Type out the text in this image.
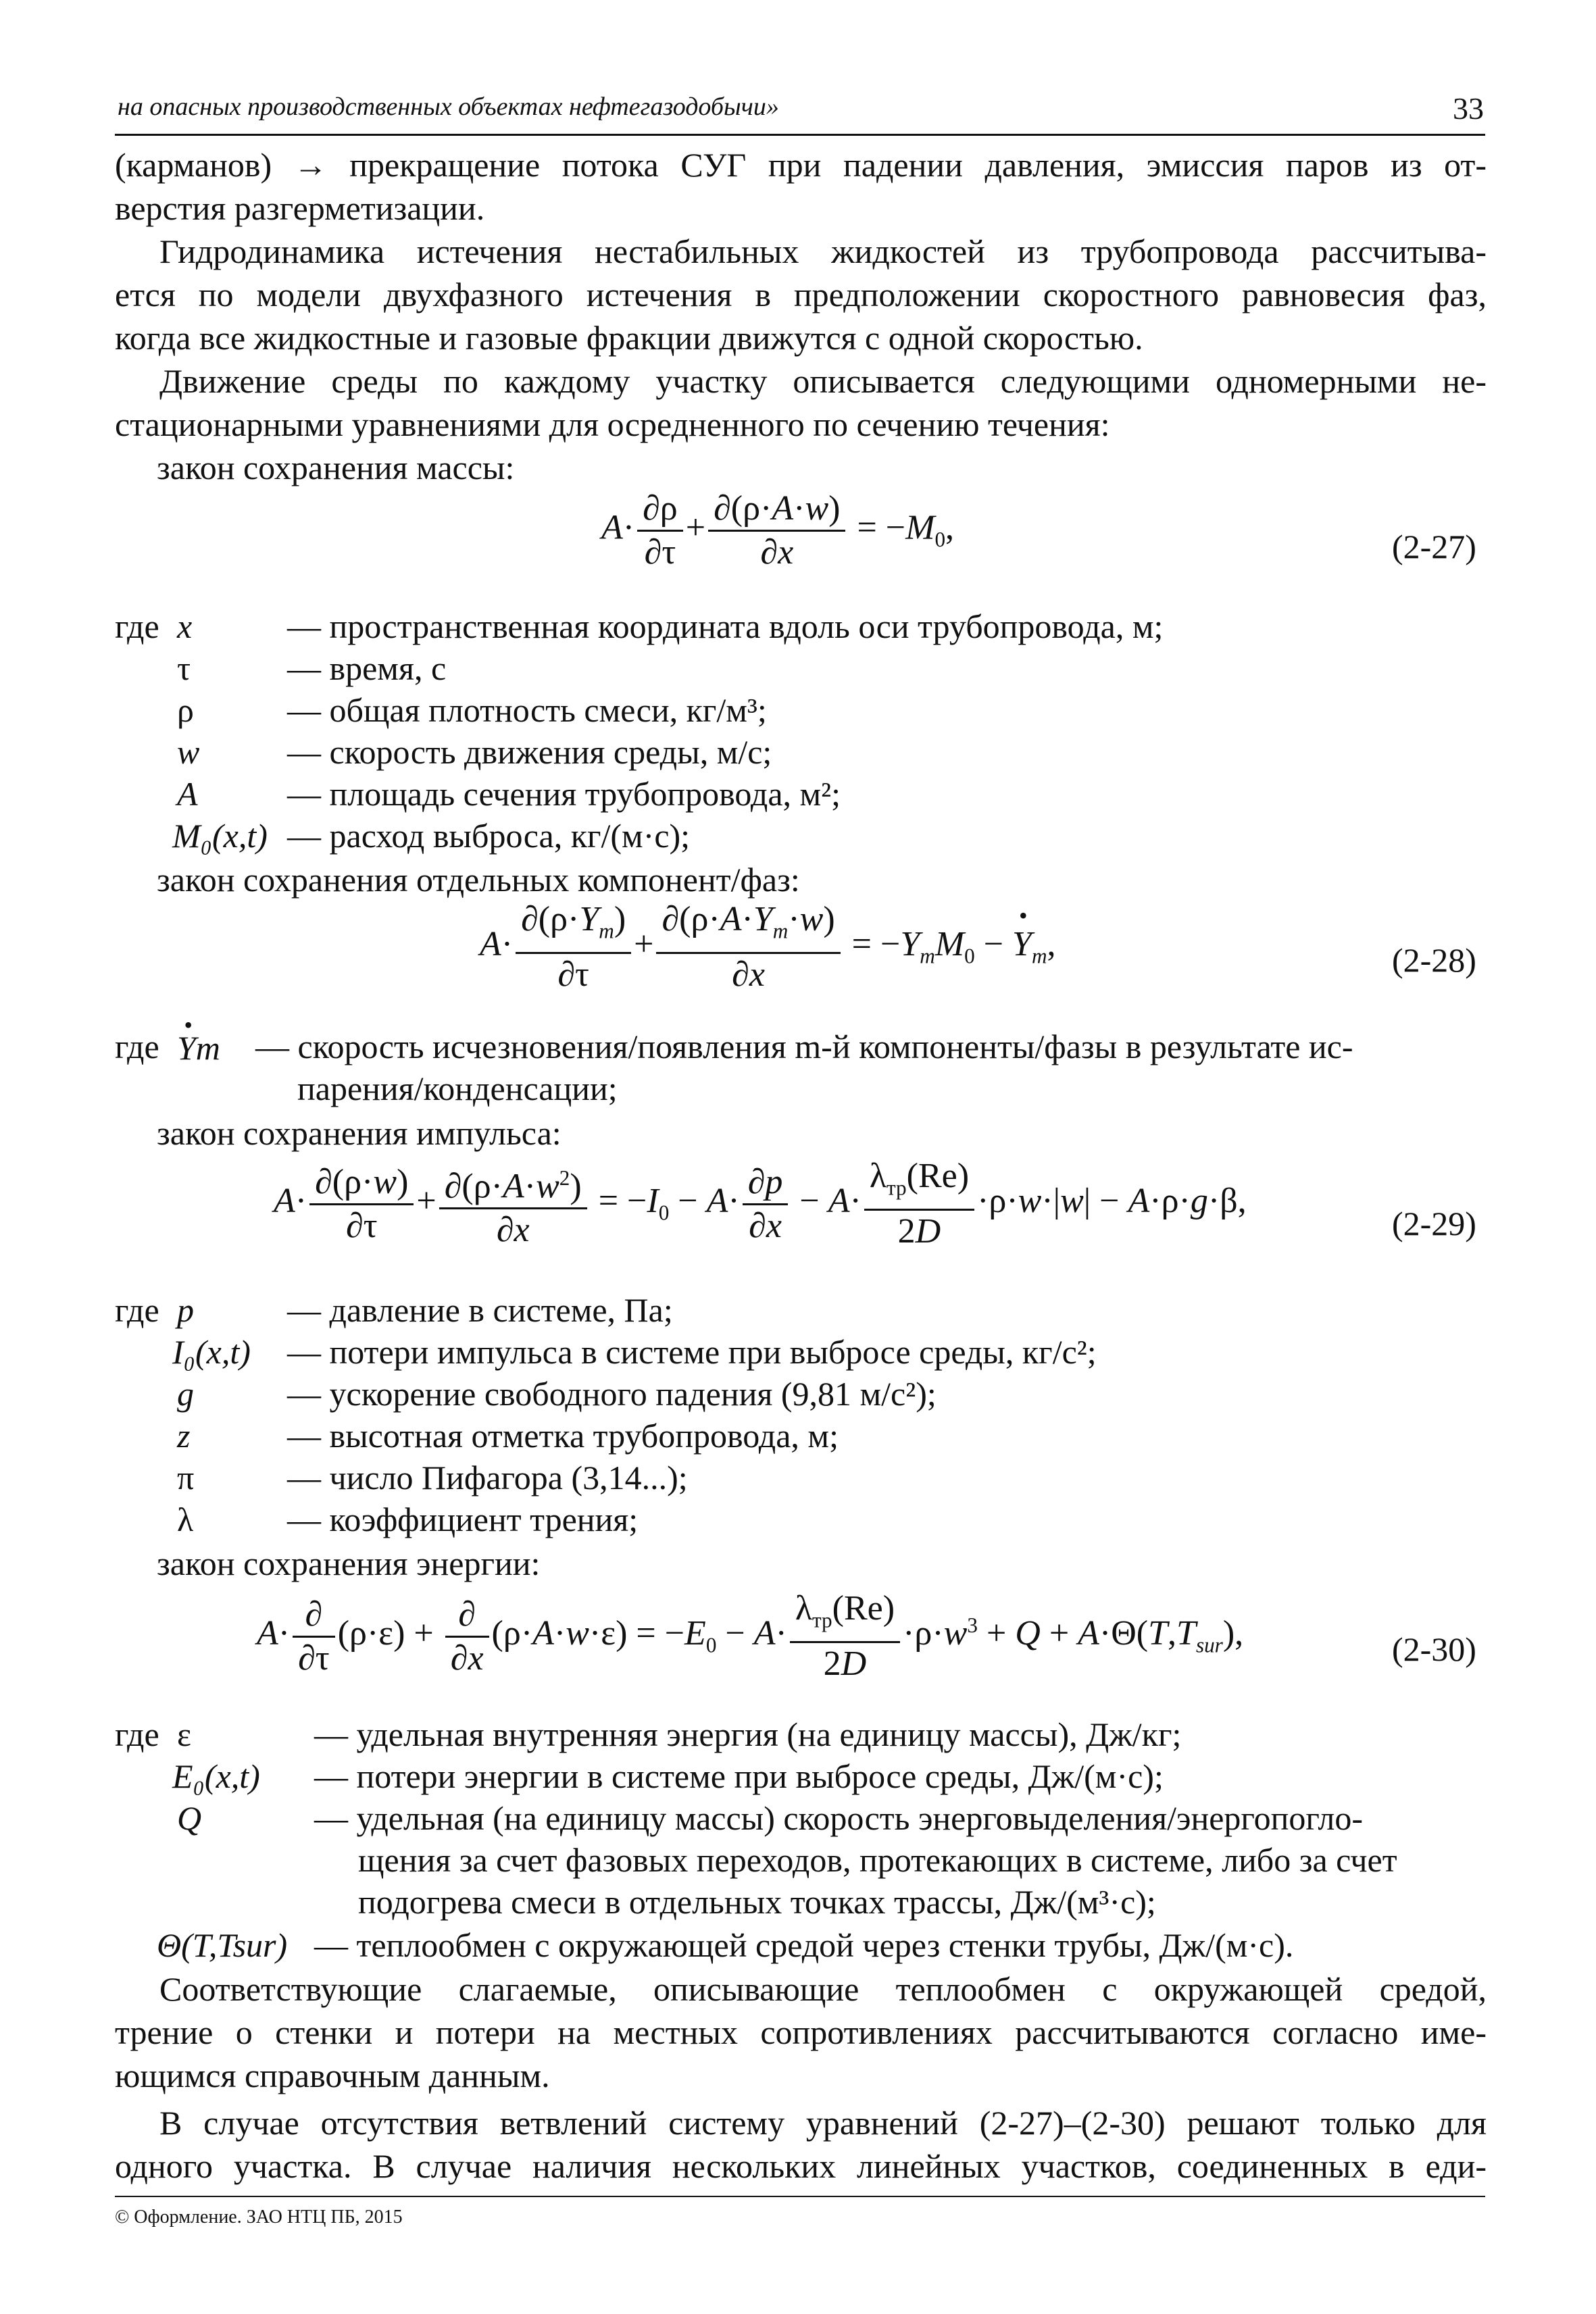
на опасных производственных объектах нефтегазодобычи»	33
(карманов) → прекращение потока СУГ при падении давления, эмиссия паров из от-
верстия разгерметизации.
Гидродинамика истечения нестабильных жидкостей из трубопровода рассчитыва-
ется по модели двухфазного истечения в предположении скоростного равновесия фаз,
когда все жидкостные и газовые фракции движутся с одной скоростью.
Движение среды по каждому участку описывается следующими одномерными не-
стационарными уравнениями для осредненного по сечению течения:
закон сохранения массы:
$A\cdot \frac{\partial\rho}{\partial\tau} + \frac{\partial(\rho\cdot A\cdot w)}{\partial x} = -M_0$,	(2-27)
где x	— пространственная координата вдоль оси трубопровода, м;
τ	— время, с
ρ	— общая плотность смеси, кг/м³;
w	— скорость движения среды, м/с;
A	— площадь сечения трубопровода, м²;
M₀(x,t) — расход выброса, кг/(м·с);
закон сохранения отдельных компонент/фаз:
$A\cdot \frac{\partial(\rho\cdot Y_m)}{\partial\tau} + \frac{\partial(\rho\cdot A\cdot Y_m\cdot w)}{\partial x} = -Y_mM_0$ − • $Y_m$,	(2-28)
где
• Ym — скорость исчезновения/появления m-й компоненты/фазы в результате ис-
парения/конденсации;
закон сохранения импульса:
$A\cdot \frac{\partial(\rho\cdot w)}{\partial\tau} + \frac{\partial(\rho\cdot A\cdot w^2)}{\partial x} = -I_0 - A\cdot \frac{\partial p}{\partial x} - A\cdot \frac{\lambda_{тр}(Re)}{2D} \cdot\rho\cdot w\cdot|w| - A\cdot\rho\cdot g\cdot\beta$,
(2-29)
где p	— давление в системе, Па;
I₀(x,t) — потери импульса в системе при выбросе среды, кг/с²;
g	— ускорение свободного падения (9,81 м/с²);
z	— высотная отметка трубопровода, м;
π	— число Пифагора (3,14...);
λ	— коэффициент трения;
закон сохранения энергии:
$A\cdot \frac{\partial}{\partial\tau} (\rho\cdot\varepsilon) + \frac{\partial}{\partial x} (\rho\cdot A\cdot w\cdot\varepsilon) = -E_0 - A\cdot \frac{\lambda_{тр}(Re)}{2D} \cdot\rho\cdot w^3 + Q + A\cdot\Theta(T,T_{sur})$,	(2-30)
где ε	— удельная внутренняя энергия (на единицу массы), Дж/кг;
E₀(x,t) — потери энергии в системе при выбросе среды, Дж/(м·с);
Q	— удельная (на единицу массы) скорость энерговыделения/энергопогло-
щения за счет фазовых переходов, протекающих в системе, либо за счет
подогрева смеси в отдельных точках трассы, Дж/(м³·с);
Θ(T,Tsur) — теплообмен с окружающей средой через стенки трубы, Дж/(м·с).
Соответствующие слагаемые, описывающие теплообмен с окружающей средой,
трение о стенки и потери на местных сопротивлениях рассчитываются согласно име-
ющимся справочным данным.
В случае отсутствия ветвлений систему уравнений (2-27)–(2-30) решают только для
одного участка. В случае наличия нескольких линейных участков, соединенных в еди-
© Оформление. ЗАО НТЦ ПБ, 2015
